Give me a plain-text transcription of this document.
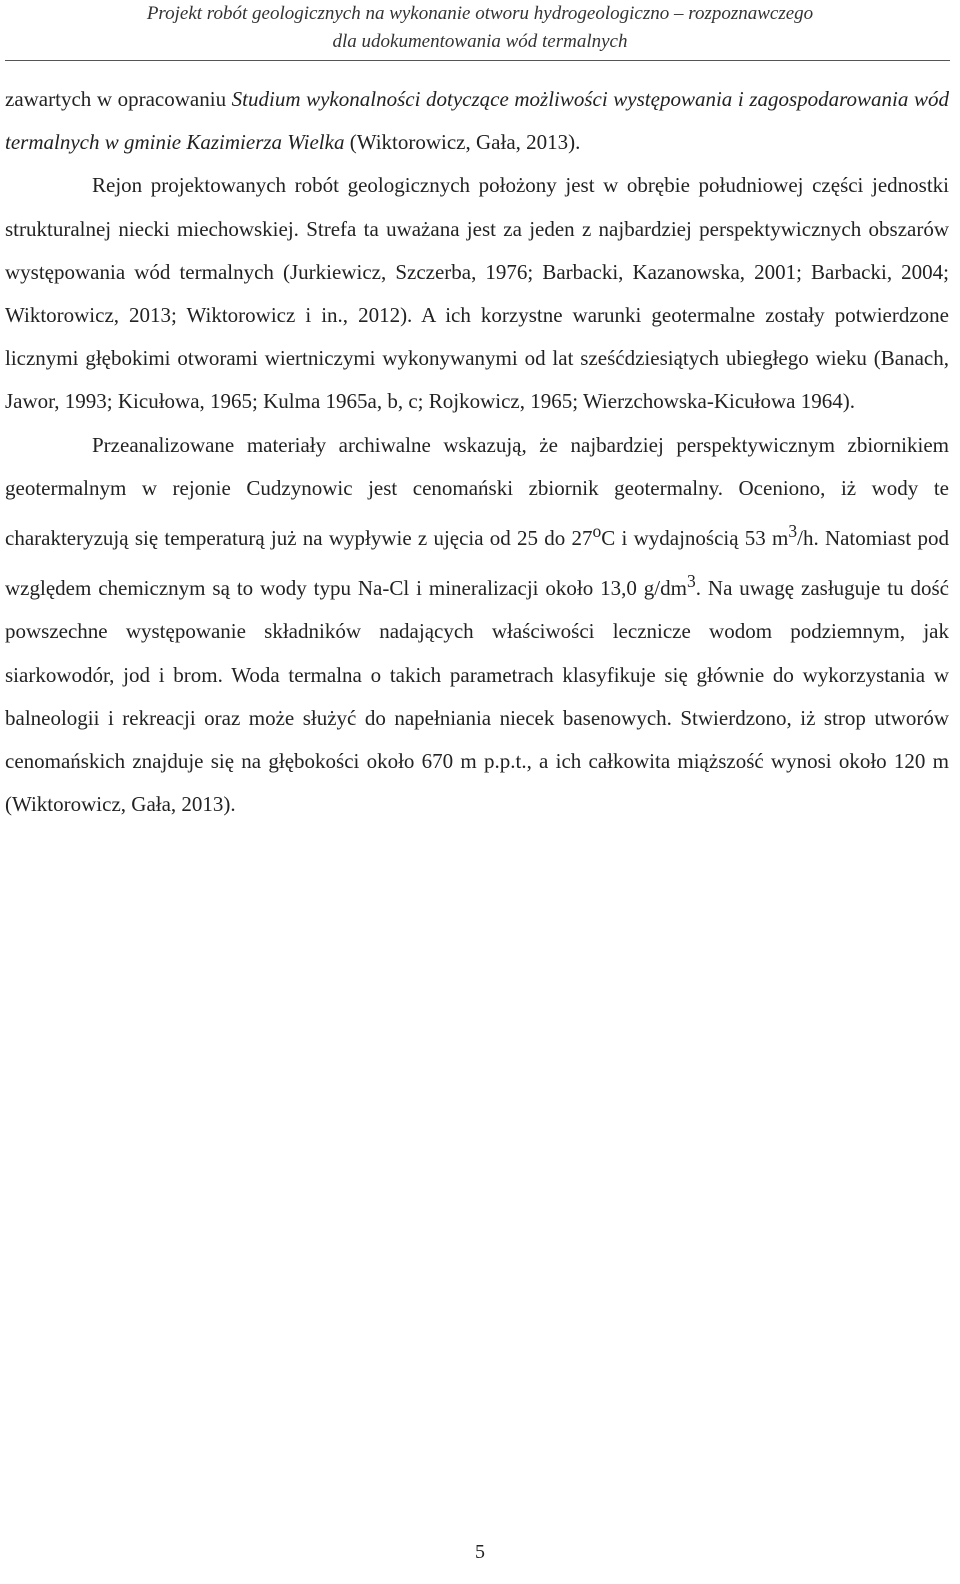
Projekt robót geologicznych na wykonanie otworu hydrogeologiczno – rozpoznawczego
dla udokumentowania wód termalnych

zawartych w opracowaniu Studium wykonalności dotyczące możliwości występowania i zagospodarowania wód termalnych w gminie Kazimierza Wielka (Wiktorowicz, Gała, 2013).

Rejon projektowanych robót geologicznych położony jest w obrębie południowej części jednostki strukturalnej niecki miechowskiej. Strefa ta uważana jest za jeden z najbardziej perspektywicznych obszarów występowania wód termalnych (Jurkiewicz, Szczerba, 1976; Barbacki, Kazanowska, 2001; Barbacki, 2004; Wiktorowicz, 2013; Wiktorowicz i in., 2012). A ich korzystne warunki geotermalne zostały potwierdzone licznymi głębokimi otworami wiertniczymi wykonywanymi od lat sześćdziesiątych ubiegłego wieku (Banach, Jawor, 1993; Kicułowa, 1965; Kulma 1965a, b, c; Rojkowicz, 1965; Wierzchowska-Kicułowa 1964).

Przeanalizowane materiały archiwalne wskazują, że najbardziej perspektywicznym zbiornikiem geotermalnym w rejonie Cudzynowic jest cenomański zbiornik geotermalny. Oceniono, iż wody te charakteryzują się temperaturą już na wypływie z ujęcia od 25 do 27$^o$C i wydajnością 53 $m^3/h$. Natomiast pod względem chemicznym są to wody typu Na-Cl i mineralizacji około 13,0 $g/dm^3$. Na uwagę zasługuje tu dość powszechne występowanie składników nadających właściwości lecznicze wodom podziemnym, jak siarkowodór, jod i brom. Woda termalna o takich parametrach klasyfikuje się głównie do wykorzystania w balneologii i rekreacji oraz może służyć do napełniania niecek basenowych. Stwierdzono, iż strop utworów cenomańskich znajduje się na głębokości około 670 m p.p.t., a ich całkowita miąższość wynosi około 120 m (Wiktorowicz, Gała, 2013).

5
